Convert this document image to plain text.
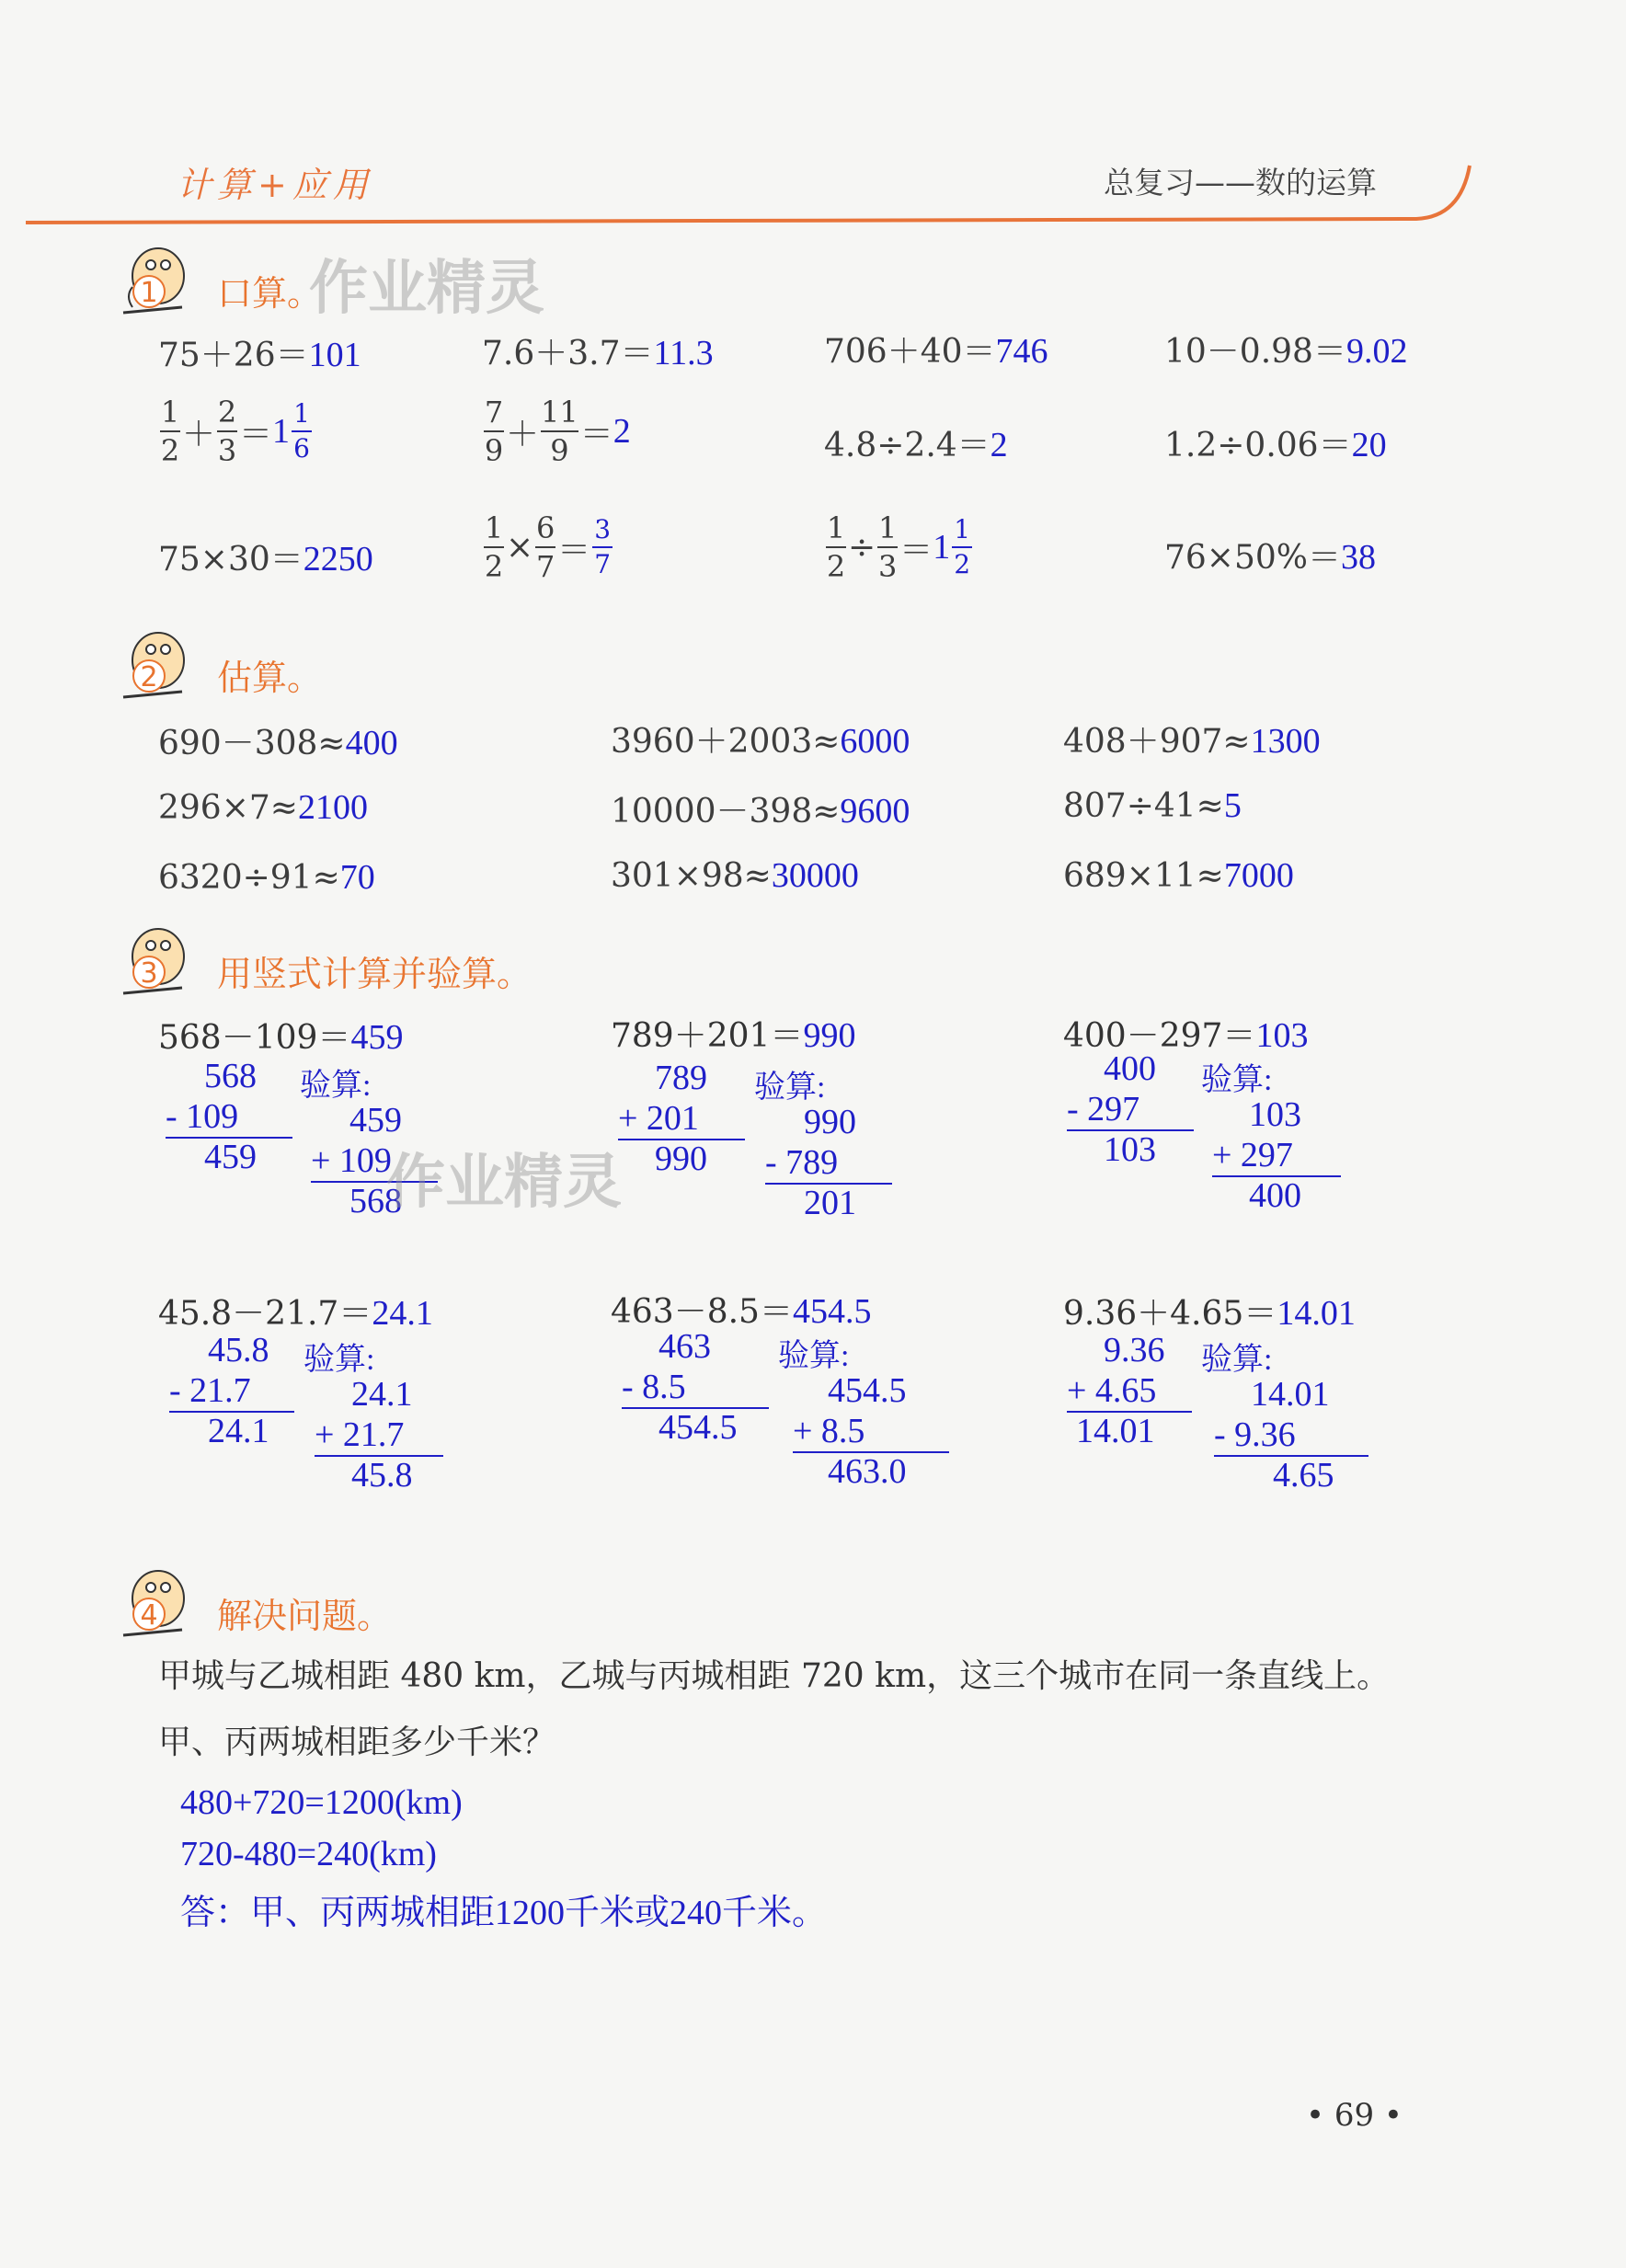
计算+应用	总复习——数的运算
1 口算。
作业精灵
75＋26＝101	7.6＋3.7＝11.3	706＋40＝746	10－0.98＝9.02
$\frac{1}{2} + \frac{2}{3} = 1 \frac{1}{6}$	$\frac{7}{9} + \frac{11}{9} = 2$	4.8÷2.4＝2	1.2÷0.06＝20
75×30＝2250	$\frac{1}{2} \times \frac{6}{7} = \frac{3}{7}$	$\frac{1}{2} \div \frac{1}{3} = 1 \frac{1}{2}$	76×50%＝38
2 估算。
690－308≈400	3960＋2003≈6000	408＋907≈1300
296×7≈2100	10000－398≈9600	807÷41≈5
6320÷91≈70	301×98≈30000	689×11≈7000
3 用竖式计算并验算。
568－109＝459	789＋201＝990	400－297＝103
568
- 109
459
验算:
459
+ 109
568
789
+ 201
990
验算:
990
- 789
201
400
- 297
103
验算:
103
+ 297
400
作业精灵
45.8－21.7＝24.1	463－8.5＝454.5	9.36＋4.65＝14.01
45.8
- 21.7
24.1
验算:
24.1
+ 21.7
45.8
463
- 8.5
454.5
验算:
454.5
+ 8.5
463.0
9.36
+ 4.65
14.01
验算:
14.01
- 9.36
4.65
4 解决问题。
甲城与乙城相距 480 km，乙城与丙城相距 720 km，这三个城市在同一条直线上。
甲、丙两城相距多少千米？
480+720=1200(km)
720-480=240(km)
答：甲、丙两城相距1200千米或240千米。
• 69 •
